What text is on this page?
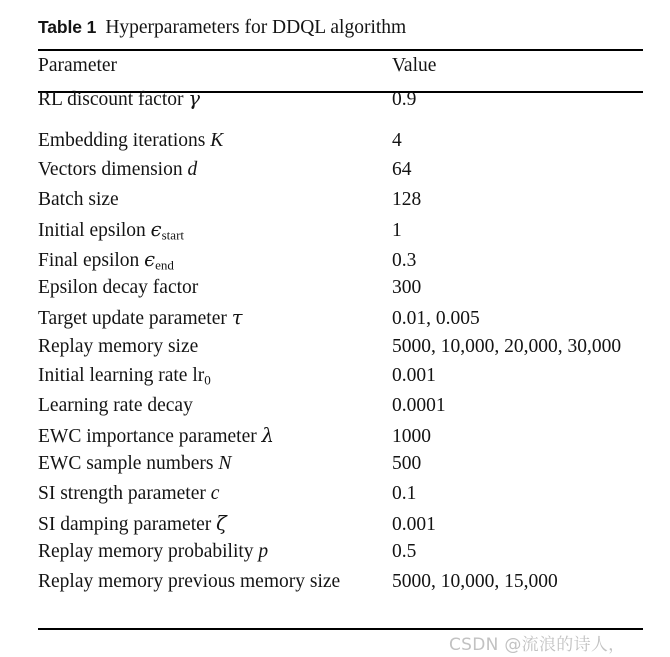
Table 1 Hyperparameters for DDQL algorithm
Parameter	Value
RL discount factor γ	0.9
Embedding iterations K	4
Vectors dimension d	64
Batch size	128
Initial epsilon $\epsilon_{start}$	1
Final epsilon $\epsilon_{end}$	0.3
Epsilon decay factor	300
Target update parameter τ	0.01, 0.005
Replay memory size	5000, 10,000, 20,000, 30,000
Initial learning rate $lr_0$	0.001
Learning rate decay	0.0001
EWC importance parameter λ	1000
EWC sample numbers N	500
SI strength parameter c	0.1
SI damping parameter ζ	0.001
Replay memory probability p	0.5
Replay memory previous memory size	5000, 10,000, 15,000
CSDN @流浪的诗人，
